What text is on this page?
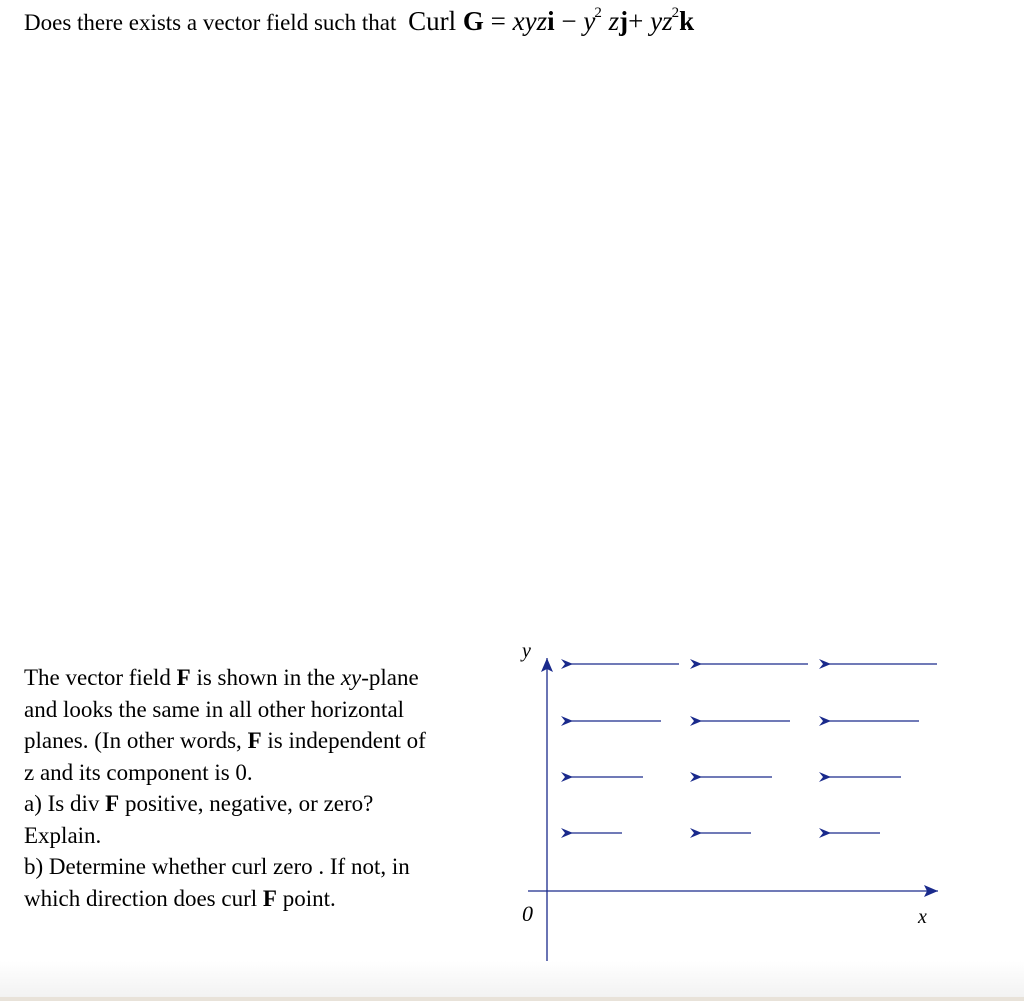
Does there exists a vector field such that Curl G = xyzi − $y^2$ $zj+ yz^2k$
The vector field F is shown in the xy-plane
and looks the same in all other horizontal
planes. (In other words, F is independent of
z and its component is 0.
a) Is div F positive, negative, or zero?
Explain.
b) Determine whether curl zero . If not, in
which direction does curl F point.
y
x
0
